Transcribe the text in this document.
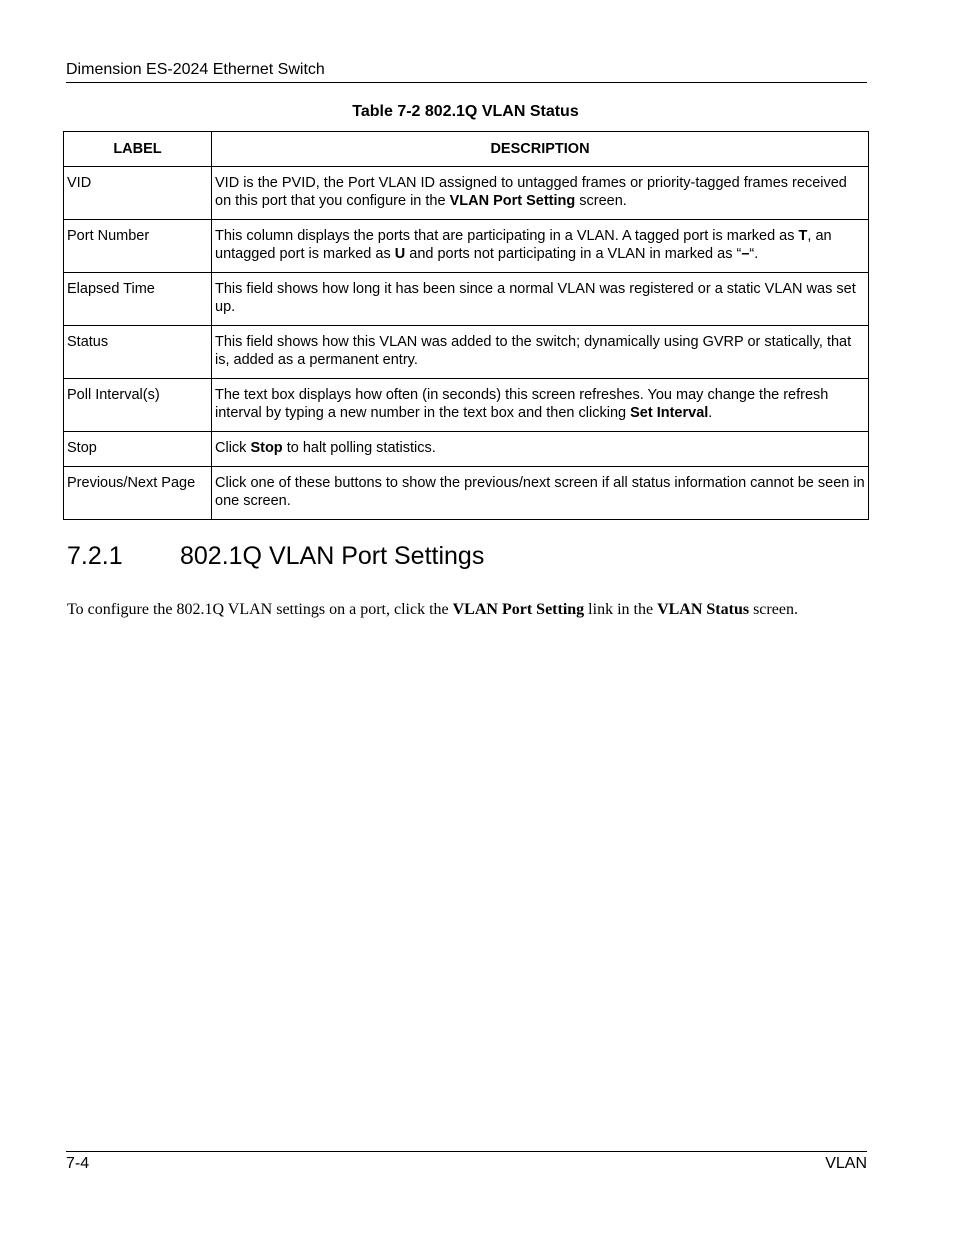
Dimension ES-2024 Ethernet Switch
Table 7-2 802.1Q VLAN Status
LABEL	DESCRIPTION
VID	VID is the PVID, the Port VLAN ID assigned to untagged frames or priority-tagged frames received on this port that you configure in the VLAN Port Setting screen.
Port Number	This column displays the ports that are participating in a VLAN. A tagged port is marked as T, an untagged port is marked as U and ports not participating in a VLAN in marked as “–“.
Elapsed Time	This field shows how long it has been since a normal VLAN was registered or a static VLAN was set up.
Status	This field shows how this VLAN was added to the switch; dynamically using GVRP or statically, that is, added as a permanent entry.
Poll Interval(s)	The text box displays how often (in seconds) this screen refreshes. You may change the refresh interval by typing a new number in the text box and then clicking Set Interval.
Stop	Click Stop to halt polling statistics.
Previous/Next Page	Click one of these buttons to show the previous/next screen if all status information cannot be seen in one screen.
7.2.1 802.1Q VLAN Port Settings
To configure the 802.1Q VLAN settings on a port, click the VLAN Port Setting link in the VLAN Status screen.
7-4	VLAN
